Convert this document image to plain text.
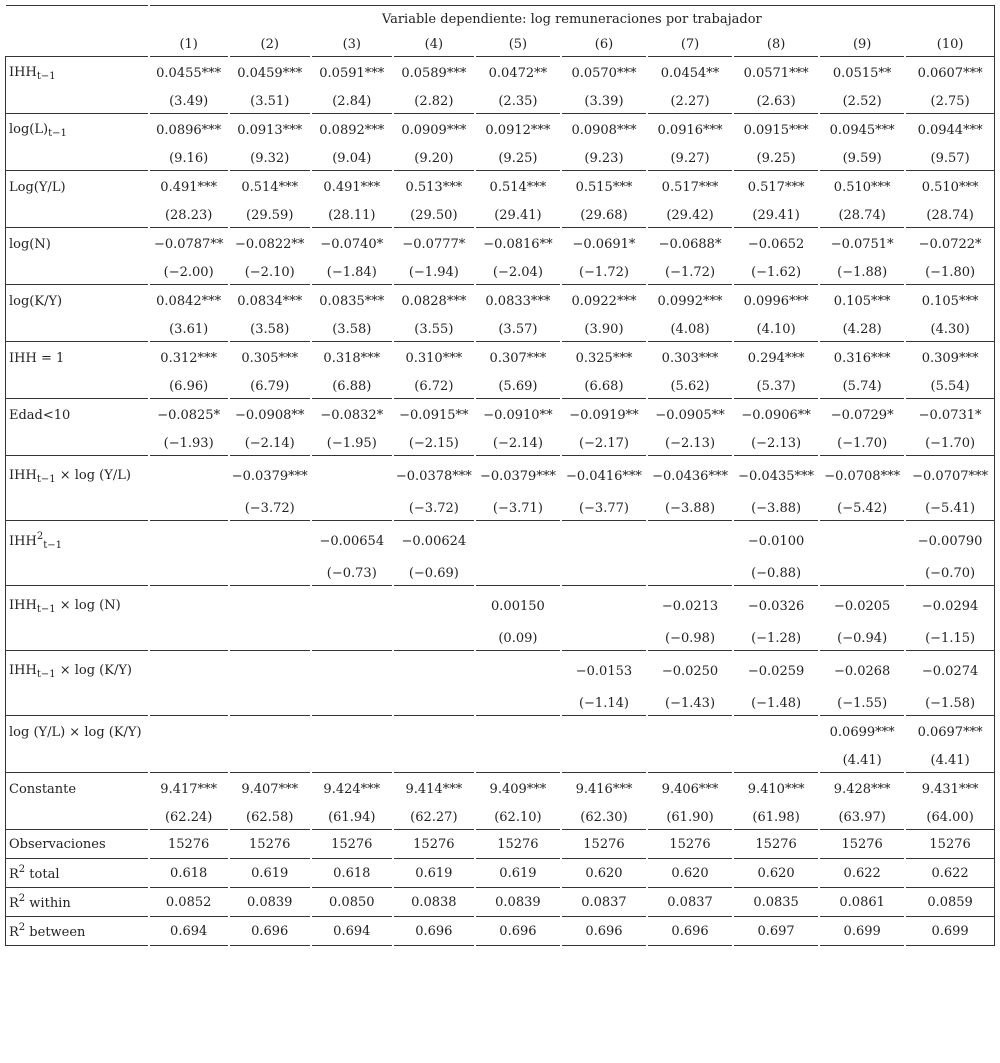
	Variable dependiente: log remuneraciones por trabajador									
	(1)	(2)	(3)	(4)	(5)	(6)	(7)	(8)	(9)	(10)
$IHH_{t-1}$	0.0455***	0.0459***	0.0591***	0.0589***	0.0472**	0.0570***	0.0454**	0.0571***	0.0515**	0.0607***
	(3.49)	(3.51)	(2.84)	(2.82)	(2.35)	(3.39)	(2.27)	(2.63)	(2.52)	(2.75)
$\log(L)_{t-1}$	0.0896***	0.0913***	0.0892***	0.0909***	0.0912***	0.0908***	0.0916***	0.0915***	0.0945***	0.0944***
	(9.16)	(9.32)	(9.04)	(9.20)	(9.25)	(9.23)	(9.27)	(9.25)	(9.59)	(9.57)
Log(Y/L)	0.491***	0.514***	0.491***	0.513***	0.514***	0.515***	0.517***	0.517***	0.510***	0.510***
	(28.23)	(29.59)	(28.11)	(29.50)	(29.41)	(29.68)	(29.42)	(29.41)	(28.74)	(28.74)
log(N)	−0.0787**	−0.0822**	−0.0740*	−0.0777*	−0.0816**	−0.0691*	−0.0688*	−0.0652	−0.0751*	−0.0722*
	(−2.00)	(−2.10)	(−1.84)	(−1.94)	(−2.04)	(−1.72)	(−1.72)	(−1.62)	(−1.88)	(−1.80)
log(K/Y)	0.0842***	0.0834***	0.0835***	0.0828***	0.0833***	0.0922***	0.0992***	0.0996***	0.105***	0.105***
	(3.61)	(3.58)	(3.58)	(3.55)	(3.57)	(3.90)	(4.08)	(4.10)	(4.28)	(4.30)
IHH = 1	0.312***	0.305***	0.318***	0.310***	0.307***	0.325***	0.303***	0.294***	0.316***	0.309***
	(6.96)	(6.79)	(6.88)	(6.72)	(5.69)	(6.68)	(5.62)	(5.37)	(5.74)	(5.54)
Edad<10	−0.0825*	−0.0908**	−0.0832*	−0.0915**	−0.0910**	−0.0919**	−0.0905**	−0.0906**	−0.0729*	−0.0731*
	(−1.93)	(−2.14)	(−1.95)	(−2.15)	(−2.14)	(−2.17)	(−2.13)	(−2.13)	(−1.70)	(−1.70)
$IHH_{t-1} \times \log (Y/L)$		−0.0379***		−0.0378***	−0.0379***	−0.0416***	−0.0436***	−0.0435***	−0.0708***	−0.0707***
		(−3.72)		(−3.72)	(−3.71)	(−3.77)	(−3.88)	(−3.88)	(−5.42)	(−5.41)
$IHH^2_{t-1}$			−0.00654	−0.00624				−0.0100		−0.00790
			(−0.73)	(−0.69)				(−0.88)		(−0.70)
$IHH_{t-1} \times \log (N)$					0.00150		−0.0213	−0.0326	−0.0205	−0.0294
					(0.09)		(−0.98)	(−1.28)	(−0.94)	(−1.15)
$IHH_{t-1} \times \log (K/Y)$						−0.0153	−0.0250	−0.0259	−0.0268	−0.0274
						(−1.14)	(−1.43)	(−1.48)	(−1.55)	(−1.58)
log (Y/L) × log (K/Y)									0.0699***	0.0697***
									(4.41)	(4.41)
Constante	9.417***	9.407***	9.424***	9.414***	9.409***	9.416***	9.406***	9.410***	9.428***	9.431***
	(62.24)	(62.58)	(61.94)	(62.27)	(62.10)	(62.30)	(61.90)	(61.98)	(63.97)	(64.00)
Observaciones	15276	15276	15276	15276	15276	15276	15276	15276	15276	15276
$R^2$ total	0.618	0.619	0.618	0.619	0.619	0.620	0.620	0.620	0.622	0.622
$R^2$ within	0.0852	0.0839	0.0850	0.0838	0.0839	0.0837	0.0837	0.0835	0.0861	0.0859
$R^2$ between	0.694	0.696	0.694	0.696	0.696	0.696	0.696	0.697	0.699	0.699
